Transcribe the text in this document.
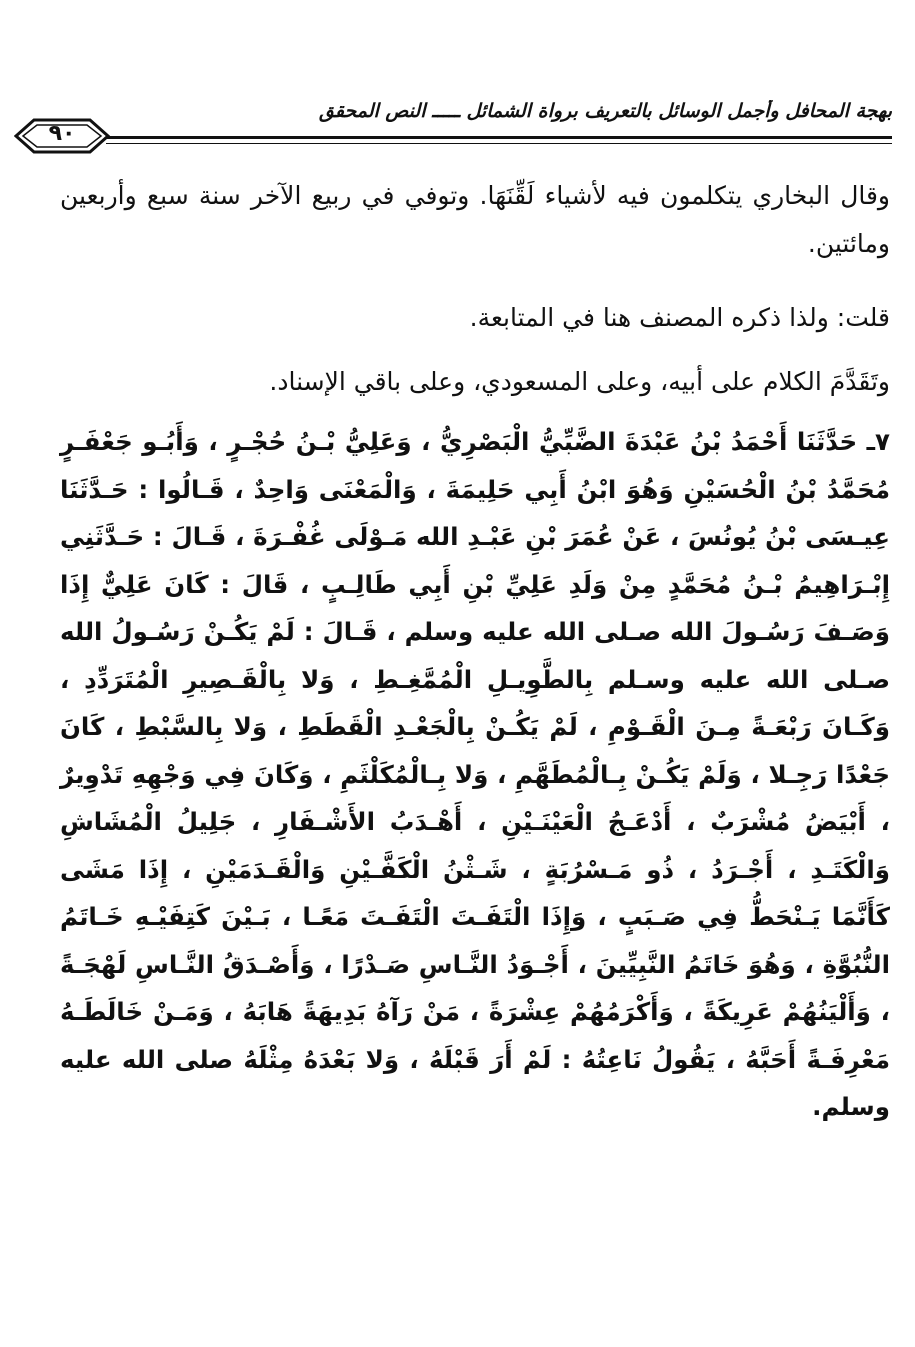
بهجة المحافل وأجمل الوسائل بالتعريف برواة الشمائل ـــــ النص المحقق
٩٠
وقال البخاري يتكلمون فيه لأشياء لَقِّنَهَا. وتوفي في ربيع الآخر سنة سبع وأربعين ومائتين.
قلت: ولذا ذكره المصنف هنا في المتابعة.
وتَقَدَّمَ الكلام على أبيه، وعلى المسعودي، وعلى باقي الإسناد.
٧ـ حَدَّثَنَا أَحْمَدُ بْنُ عَبْدَةَ الضَّبِّيُّ الْبَصْرِيُّ ، وَعَلِيُّ بْـنُ حُجْـرٍ ، وَأَبُـو جَعْفَـرٍ مُحَمَّدُ بْنُ الْحُسَيْنِ وَهُوَ ابْنُ أَبِي حَلِيمَةَ ، وَالْمَعْنَى وَاحِدٌ ، قَـالُوا : حَـدَّثَنَا عِيـسَى بْنُ يُونُسَ ، عَنْ عُمَرَ بْنِ عَبْـدِ الله مَـوْلَى غُفْـرَةَ ، قَـالَ : حَـدَّثَنِي إِبْـرَاهِيمُ بْـنُ مُحَمَّدٍ مِنْ وَلَدِ عَلِيِّ بْنِ أَبِي طَالِـبٍ ، قَالَ : كَانَ عَلِيٌّ إِذَا وَصَـفَ رَسُـولَ الله صـلى الله عليه وسلم ، قَـالَ : لَمْ يَكُـنْ رَسُـولُ الله صـلى الله عليه وسـلم بِالطَّوِيـلِ الْمُمَّغِـطِ ، وَلا بِالْقَـصِيرِ الْمُتَرَدِّدِ ، وَكَـانَ رَبْعَـةً مِـنَ الْقَـوْمِ ، لَمْ يَكُـنْ بِالْجَعْـدِ الْقَطَطِ ، وَلا بِالسَّبْطِ ، كَانَ جَعْدًا رَجِـلا ، وَلَمْ يَكُـنْ بِـالْمُطَهَّمِ ، وَلا بِـالْمُكَلْثَمِ ، وَكَانَ فِي وَجْهِهِ تَدْوِيرٌ ، أَبْيَضُ مُشْرَبٌ ، أَدْعَـجُ الْعَيْنَـيْنِ ، أَهْـدَبُ الأَشْـفَارِ ، جَلِيلُ الْمُشَاشِ وَالْكَتَـدِ ، أَجْـرَدُ ، ذُو مَـسْرُبَةٍ ، شَـثْنُ الْكَفَّـيْنِ وَالْقَـدَمَيْنِ ، إِذَا مَشَى كَأَنَّمَا يَـنْحَطُّ فِي صَـبَبٍ ، وَإِذَا الْتَفَـتَ الْتَفَـتَ مَعًـا ، بَـيْنَ كَتِفَيْـهِ خَـاتَمُ النُّبُوَّةِ ، وَهُوَ خَاتَمُ النَّبِيِّينَ ، أَجْـوَدُ النَّـاسِ صَـدْرًا ، وَأَصْـدَقُ النَّـاسِ لَهْجَـةً ، وَأَلْيَنُهُمْ عَرِيكَةً ، وَأَكْرَمُهُمْ عِشْرَةً ، مَنْ رَآهُ بَدِيهَةً هَابَهُ ، وَمَـنْ خَالَطَـهُ مَعْرِفَـةً أَحَبَّهُ ، يَقُولُ نَاعِتُهُ : لَمْ أَرَ قَبْلَهُ ، وَلا بَعْدَهُ مِثْلَهُ صلى الله عليه وسلم.
